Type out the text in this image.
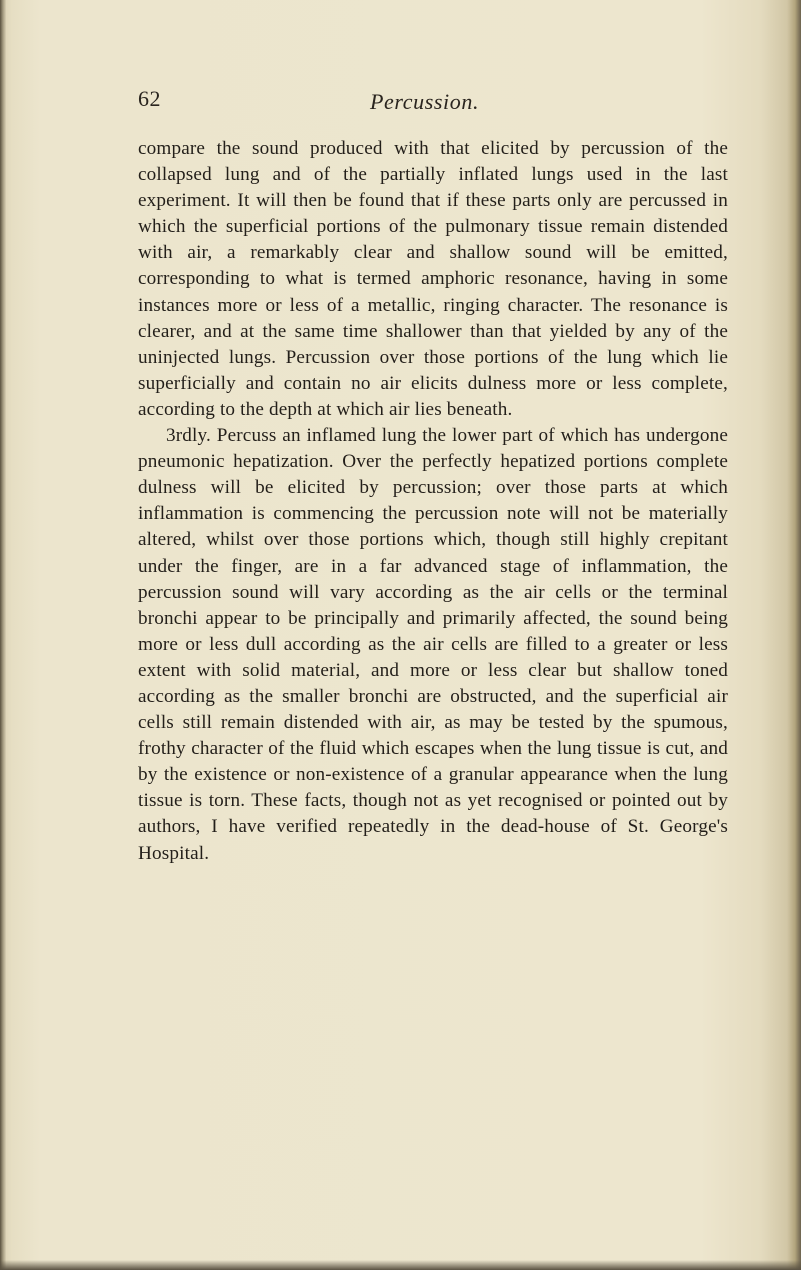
62	Percussion.

compare the sound produced with that elicited by percussion of the collapsed lung and of the partially inflated lungs used in the last experiment. It will then be found that if these parts only are percussed in which the superficial portions of the pulmonary tissue remain distended with air, a remarkably clear and shallow sound will be emitted, corresponding to what is termed amphoric resonance, having in some instances more or less of a metallic, ringing character. The resonance is clearer, and at the same time shallower than that yielded by any of the uninjected lungs. Percussion over those portions of the lung which lie superficially and contain no air elicits dulness more or less complete, according to the depth at which air lies beneath.

3rdly. Percuss an inflamed lung the lower part of which has undergone pneumonic hepatization. Over the perfectly hepatized portions complete dulness will be elicited by percussion; over those parts at which inflammation is commencing the percussion note will not be materially altered, whilst over those portions which, though still highly crepitant under the finger, are in a far advanced stage of inflammation, the percussion sound will vary according as the air cells or the terminal bronchi appear to be principally and primarily affected, the sound being more or less dull according as the air cells are filled to a greater or less extent with solid material, and more or less clear but shallow toned according as the smaller bronchi are obstructed, and the superficial air cells still remain distended with air, as may be tested by the spumous, frothy character of the fluid which escapes when the lung tissue is cut, and by the existence or non-existence of a granular appearance when the lung tissue is torn. These facts, though not as yet recognised or pointed out by authors, I have verified repeatedly in the dead-house of St. George's Hospital.
